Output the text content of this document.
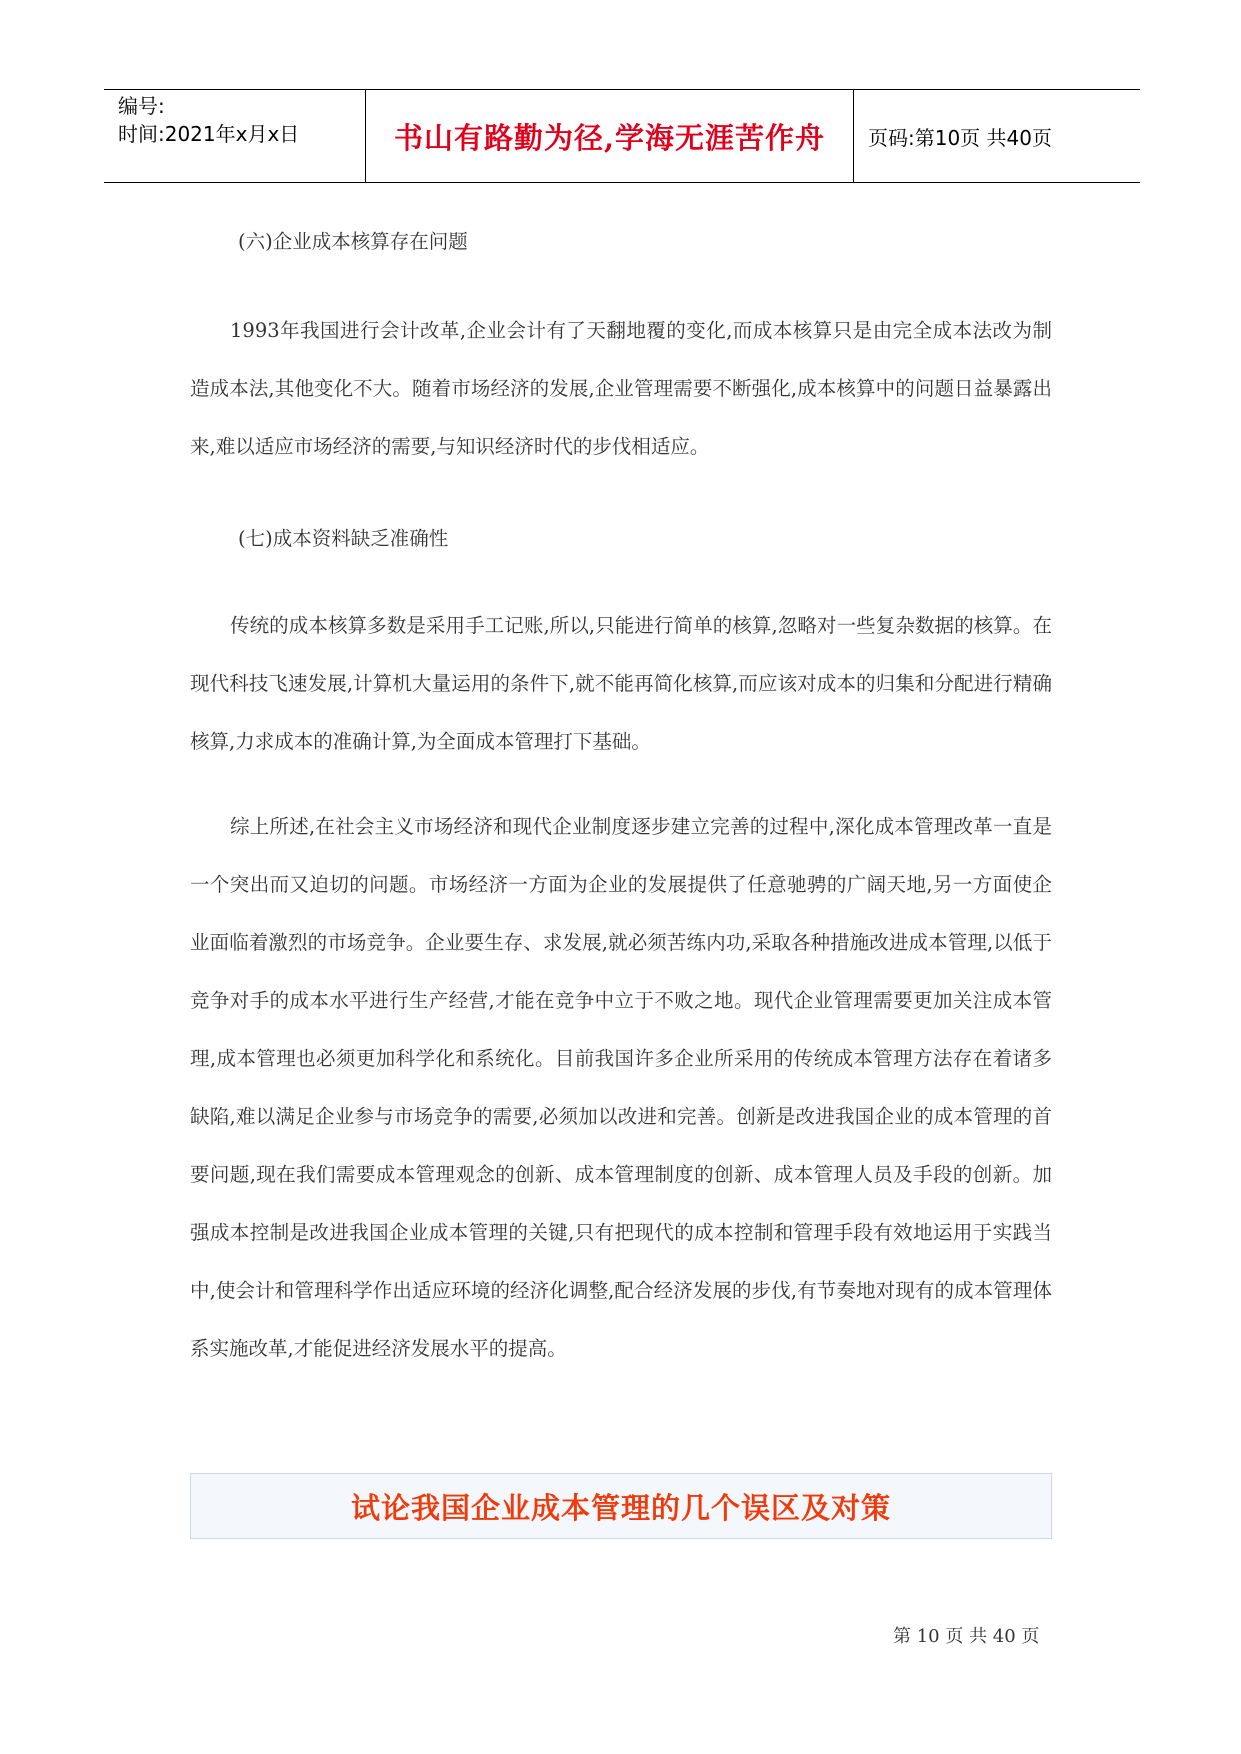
编号:
时间:2021年x月x日	书山有路勤为径,学海无涯苦作舟	页码:第10页 共40页
(六)企业成本核算存在问题

1993年我国进行会计改革,企业会计有了天翻地覆的变化,而成本核算只是由完全成本法改为制造成本法,其他变化不大。随着市场经济的发展,企业管理需要不断强化,成本核算中的问题日益暴露出来,难以适应市场经济的需要,与知识经济时代的步伐相适应。

(七)成本资料缺乏准确性

传统的成本核算多数是采用手工记账,所以,只能进行简单的核算,忽略对一些复杂数据的核算。在现代科技飞速发展,计算机大量运用的条件下,就不能再简化核算,而应该对成本的归集和分配进行精确核算,力求成本的准确计算,为全面成本管理打下基础。

综上所述,在社会主义市场经济和现代企业制度逐步建立完善的过程中,深化成本管理改革一直是一个突出而又迫切的问题。市场经济一方面为企业的发展提供了任意驰骋的广阔天地,另一方面使企业面临着激烈的市场竞争。企业要生存、求发展,就必须苦练内功,采取各种措施改进成本管理,以低于竞争对手的成本水平进行生产经营,才能在竞争中立于不败之地。现代企业管理需要更加关注成本管理,成本管理也必须更加科学化和系统化。目前我国许多企业所采用的传统成本管理方法存在着诸多缺陷,难以满足企业参与市场竞争的需要,必须加以改进和完善。创新是改进我国企业的成本管理的首要问题,现在我们需要成本管理观念的创新、成本管理制度的创新、成本管理人员及手段的创新。加强成本控制是改进我国企业成本管理的关键,只有把现代的成本控制和管理手段有效地运用于实践当中,使会计和管理科学作出适应环境的经济化调整,配合经济发展的步伐,有节奏地对现有的成本管理体系实施改革,才能促进经济发展水平的提高。

试论我国企业成本管理的几个误区及对策
第 10 页 共 40 页
